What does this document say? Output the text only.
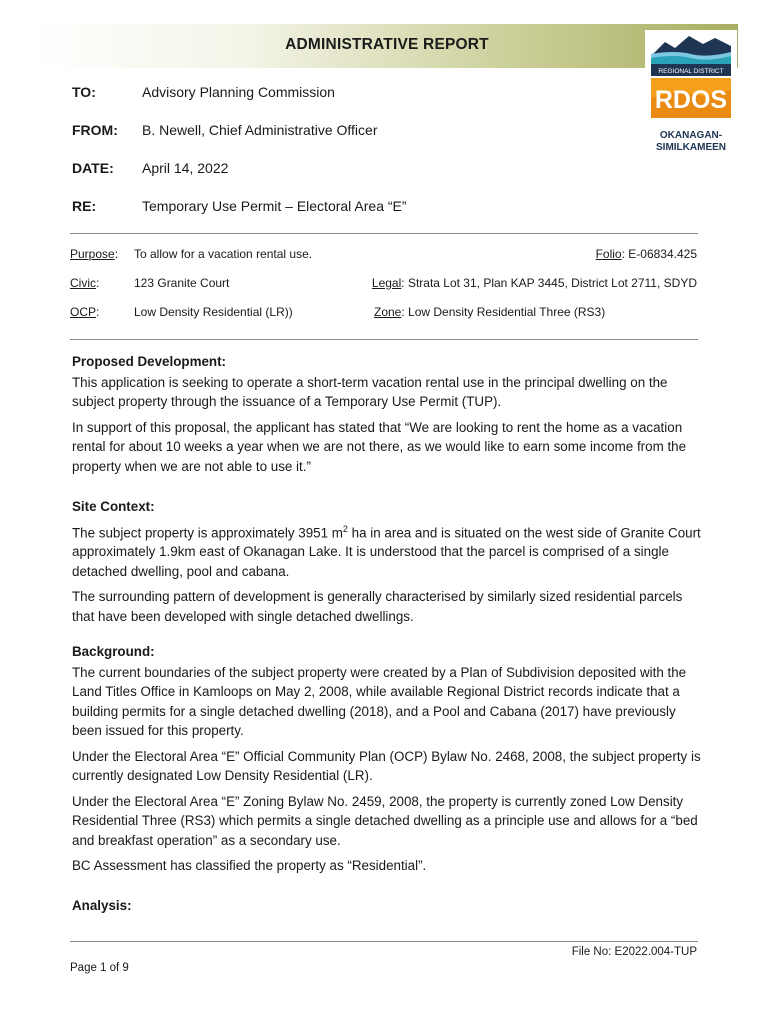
ADMINISTRATIVE REPORT
REGIONAL DISTRICT
RDOS
OKANAGAN-
SIMILKAMEEN
TO:	Advisory Planning Commission
FROM: B. Newell, Chief Administrative Officer
DATE: April 14, 2022
RE:	Temporary Use Permit – Electoral Area “E”
Purpose: To allow for a vacation rental use.	Folio: E-06834.425
Civic:	123 Granite Court	Legal: Strata Lot 31, Plan KAP 3445, District Lot 2711, SDYD
OCP:	Low Density Residential (LR))	Zone: Low Density Residential Three (RS3)
Proposed Development:

This application is seeking to operate a short-term vacation rental use in the principal dwelling on the subject property through the issuance of a Temporary Use Permit (TUP).

In support of this proposal, the applicant has stated that “We are looking to rent the home as a vacation rental for about 10 weeks a year when we are not there, as we would like to earn some income from the property when we are not able to use it.”

Site Context:

The subject property is approximately 3951 $m^2$ ha in area and is situated on the west side of Granite Court approximately 1.9km east of Okanagan Lake. It is understood that the parcel is comprised of a single detached dwelling, pool and cabana.

The surrounding pattern of development is generally characterised by similarly sized residential parcels that have been developed with single detached dwellings.

Background:

The current boundaries of the subject property were created by a Plan of Subdivision deposited with the Land Titles Office in Kamloops on May 2, 2008, while available Regional District records indicate that a building permits for a single detached dwelling (2018), and a Pool and Cabana (2017) have previously been issued for this property.

Under the Electoral Area “E” Official Community Plan (OCP) Bylaw No. 2468, 2008, the subject property is currently designated Low Density Residential (LR).

Under the Electoral Area “E” Zoning Bylaw No. 2459, 2008, the property is currently zoned Low Density Residential Three (RS3) which permits a single detached dwelling as a principle use and allows for a “bed and breakfast operation” as a secondary use.

BC Assessment has classified the property as “Residential”.

Analysis:
File No: E2022.004-TUP
Page 1 of 9
